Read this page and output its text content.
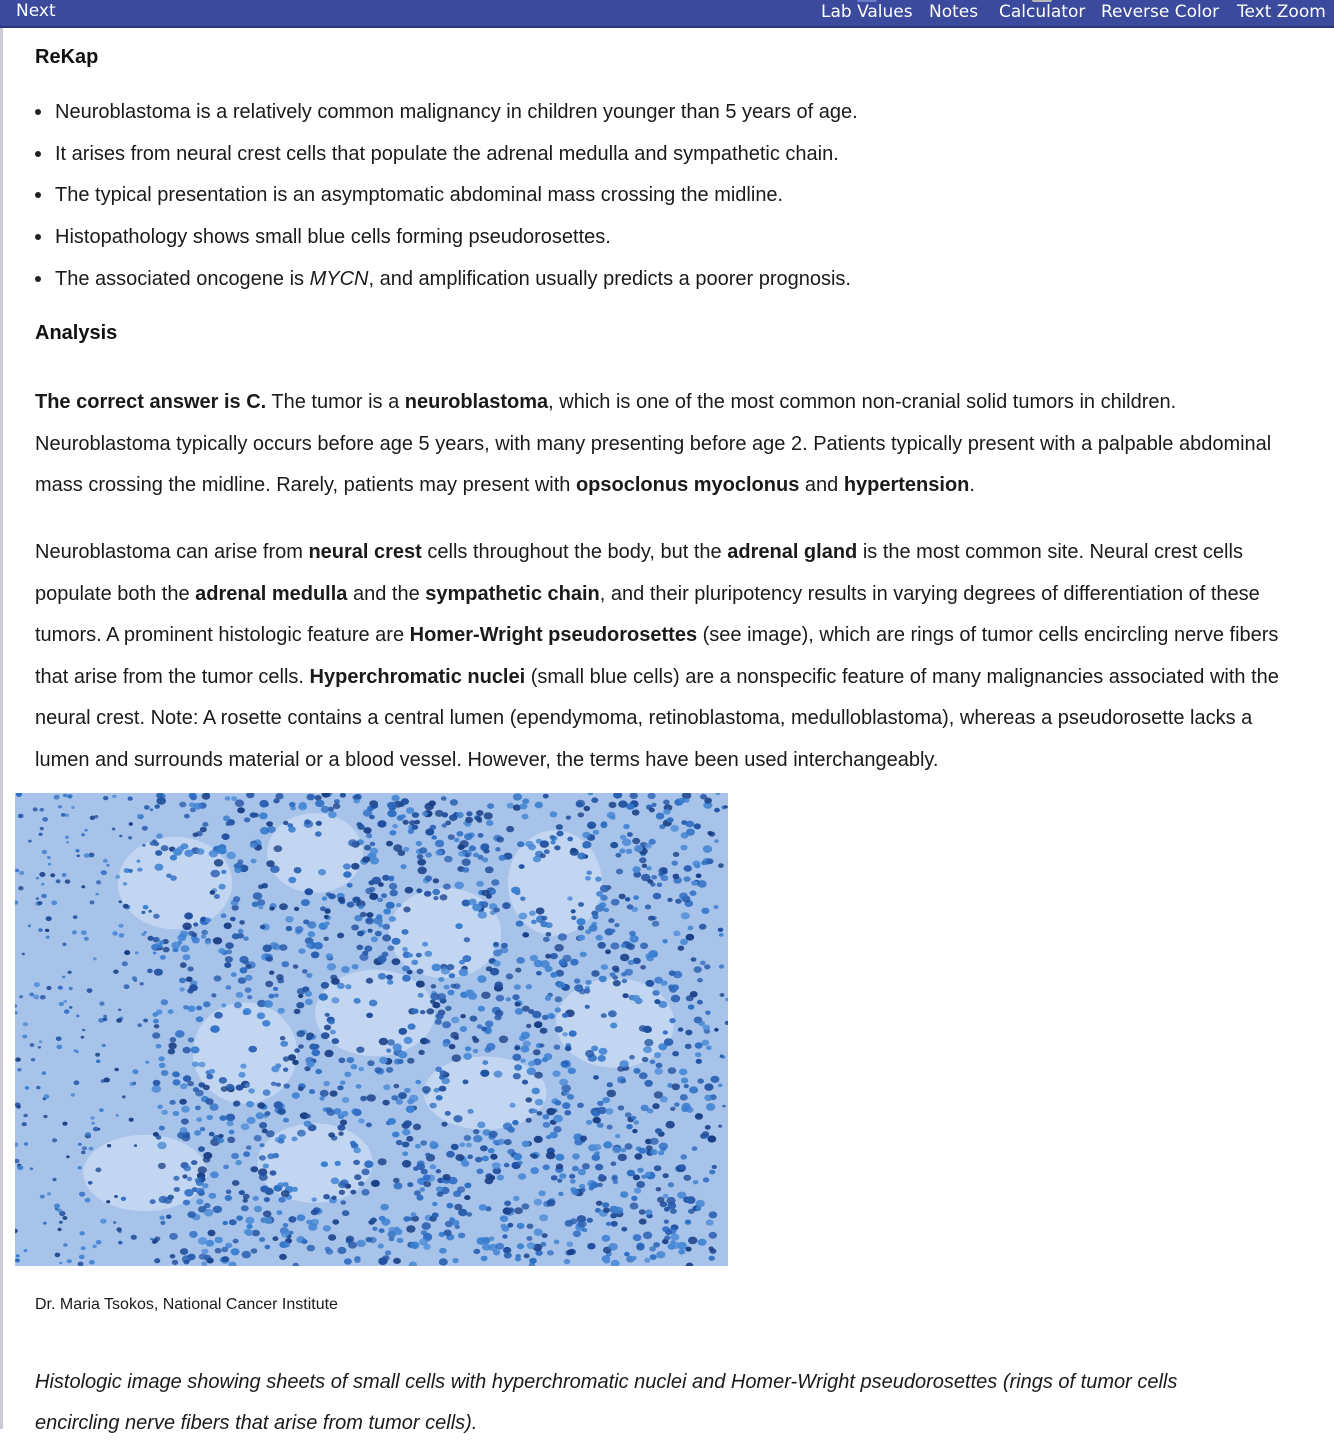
Next	Lab Values Notes Calculator Reverse Color Text Zoom
ReKap
Neuroblastoma is a relatively common malignancy in children younger than 5 years of age.
It arises from neural crest cells that populate the adrenal medulla and sympathetic chain.
The typical presentation is an asymptomatic abdominal mass crossing the midline.
Histopathology shows small blue cells forming pseudorosettes.
The associated oncogene is MYCN, and amplification usually predicts a poorer prognosis.
Analysis
The correct answer is C. The tumor is a neuroblastoma, which is one of the most common non-cranial solid tumors in children. Neuroblastoma typically occurs before age 5 years, with many presenting before age 2. Patients typically present with a palpable abdominal mass crossing the midline. Rarely, patients may present with opsoclonus myoclonus and hypertension.
Neuroblastoma can arise from neural crest cells throughout the body, but the adrenal gland is the most common site. Neural crest cells populate both the adrenal medulla and the sympathetic chain, and their pluripotency results in varying degrees of differentiation of these tumors. A prominent histologic feature are Homer-Wright pseudorosettes (see image), which are rings of tumor cells encircling nerve fibers that arise from the tumor cells. Hyperchromatic nuclei (small blue cells) are a nonspecific feature of many malignancies associated with the neural crest. Note: A rosette contains a central lumen (ependymoma, retinoblastoma, medulloblastoma), whereas a pseudorosette lacks a lumen and surrounds material or a blood vessel. However, the terms have been used interchangeably.
Dr. Maria Tsokos, National Cancer Institute
Histologic image showing sheets of small cells with hyperchromatic nuclei and Homer-Wright pseudorosettes (rings of tumor cells encircling nerve fibers that arise from tumor cells).
